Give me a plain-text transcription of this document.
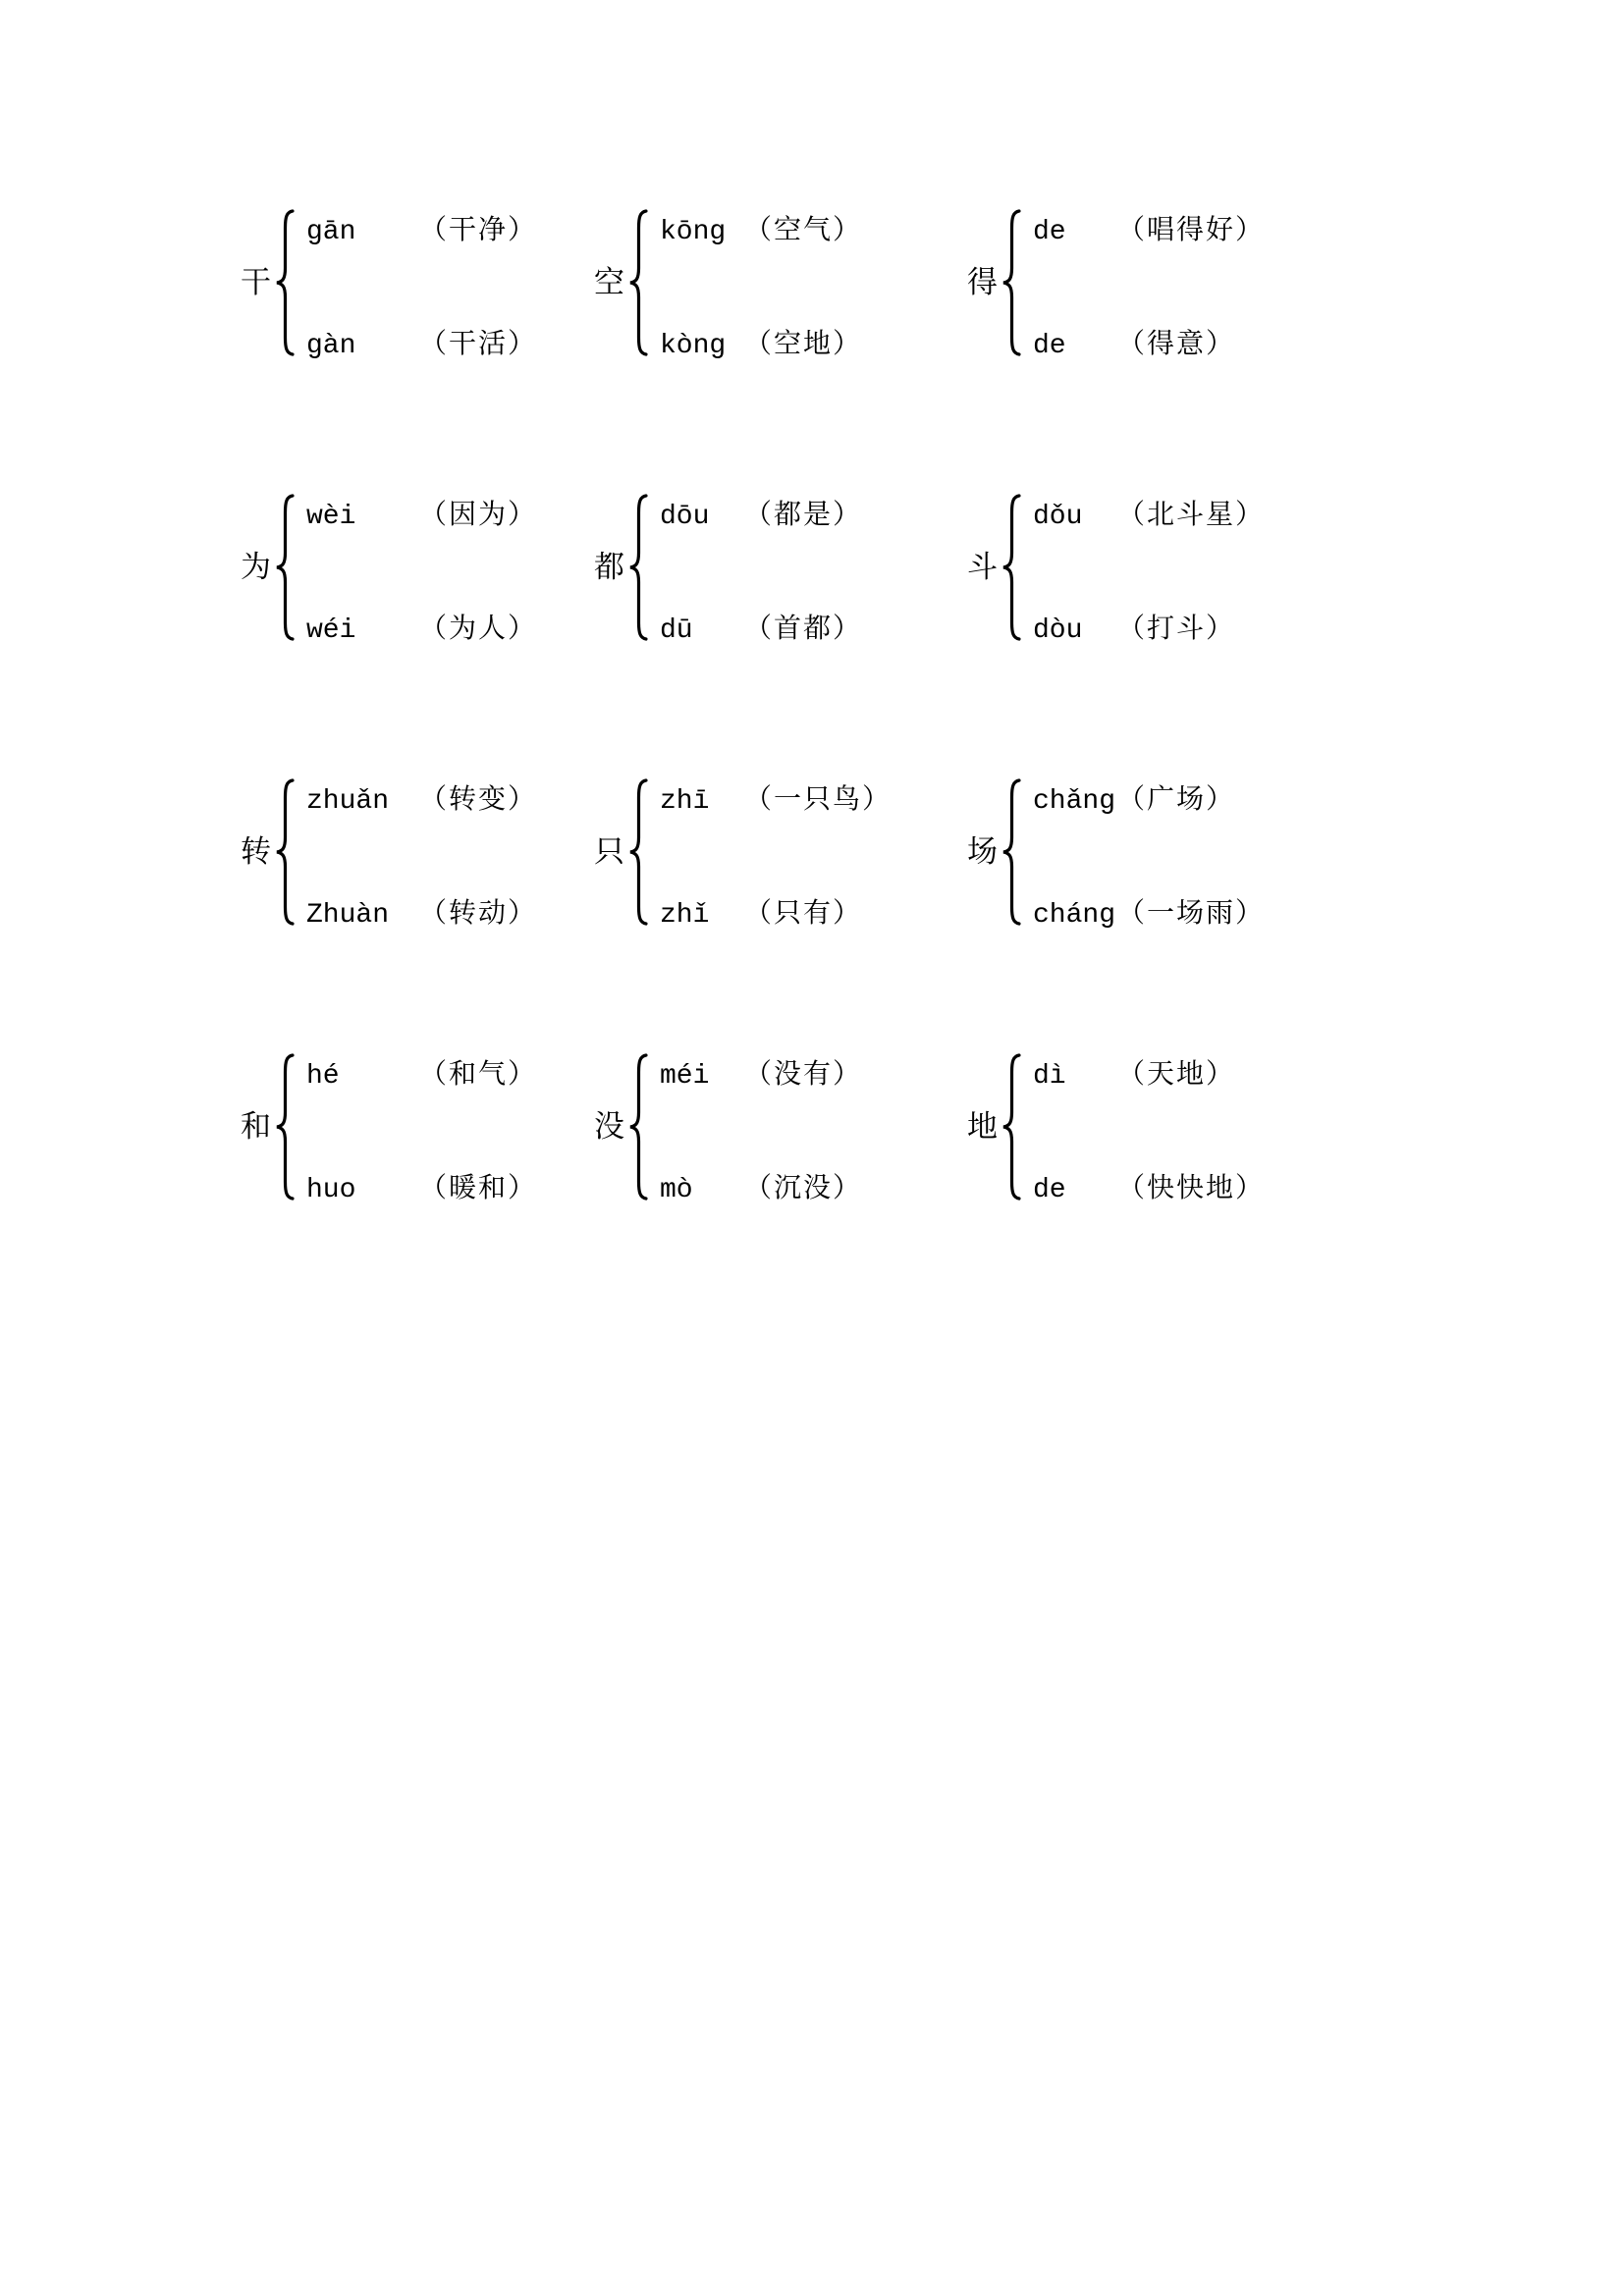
干
gān	（干净）
gàn	（干活）
空
kōng （空气）
kòng （空地）
得
de	（唱得好）
de	（得意）
为
wèi	（因为）
wéi	（为人）
都
dōu	（都是）
dū	（首都）
斗
dǒu	（北斗星）
dòu	（打斗）
转
zhuǎn	（转变）
Zhuàn	（转动）
只
zhī	（一只鸟）
zhǐ	（只有）
场
chǎng （广场）
cháng （一场雨）
和
hé	（和气）
huo	（暖和）
没
méi	（没有）
mò	（沉没）
地
dì	（天地）
de	（快快地）
